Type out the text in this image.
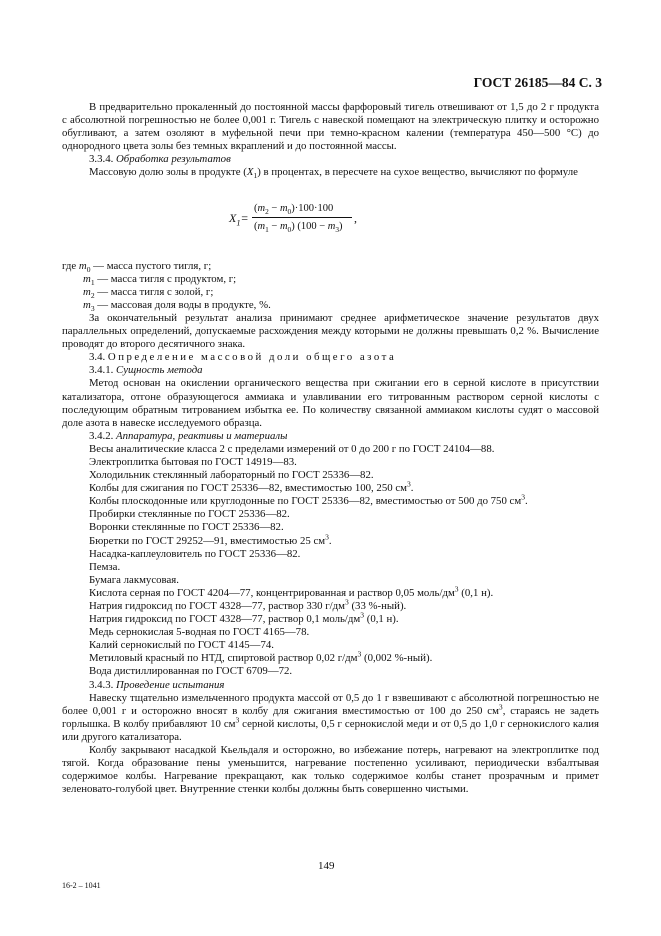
ГОСТ 26185—84 С. 3

В предварительно прокаленный до постоянной массы фарфоровый тигель отвешивают от 1,5 до 2 г продукта с абсолютной погрешностью не более 0,001 г. Тигель с навеской помещают на электрическую плитку и осторожно обугливают, а затем озоляют в муфельной печи при темно-красном калении (температура 450—500 °С) до однородного цвета золы без темных вкраплений и до постоянной массы.

3.3.4. Обработка результатов

Массовую долю золы в продукте $(X_1)$ в процентах, в пересчете на сухое вещество, вычисляют по формуле

$X_1=$
$(m_2 - m_0)\cdot 100\cdot 100$
$(m_1 - m_0) (100 - m_3)$
,
где $m_0$ — масса пустого тигля, г;
$m_1$ — масса тигля с продуктом, г;
$m_2$ — масса тигля с золой, г;
$m_3$ — массовая доля воды в продукте, %.

За окончательный результат анализа принимают среднее арифметическое значение результатов двух параллельных определений, допускаемые расхождения между которыми не должны превышать 0,2 %. Вычисление проводят до второго десятичного знака.

3.4. Определение массовой доли общего азота

3.4.1. Сущность метода

Метод основан на окислении органического вещества при сжигании его в серной кислоте в присутствии катализатора, отгоне образующегося аммиака и улавливании его титрованным раствором серной кислоты с последующим обратным титрованием избытка ее. По количеству связанной аммиаком кислоты судят о массовой доле азота в навеске исследуемого образца.

3.4.2. Аппаратура, реактивы и материалы

Весы аналитические класса 2 с пределами измерений от 0 до 200 г по ГОСТ 24104—88.

Электроплитка бытовая по ГОСТ 14919—83.

Холодильник стеклянный лабораторный по ГОСТ 25336—82.

Колбы для сжигания по ГОСТ 25336—82, вместимостью 100, 250 $см^3$.

Колбы плоскодонные или круглодонные по ГОСТ 25336—82, вместимостью от 500 до 750 $см^3$.

Пробирки стеклянные по ГОСТ 25336—82.

Воронки стеклянные по ГОСТ 25336—82.

Бюретки по ГОСТ 29252—91, вместимостью 25 $см^3$.

Насадка-каплеуловитель по ГОСТ 25336—82.

Пемза.

Бумага лакмусовая.

Кислота серная по ГОСТ 4204—77, концентрированная и раствор 0,05 моль/$дм^3$ (0,1 н).

Натрия гидроксид по ГОСТ 4328—77, раствор 330 $г/дм^3$ (33 %-ный).

Натрия гидроксид по ГОСТ 4328—77, раствор 0,1 моль/$дм^3$ (0,1 н).

Медь сернокислая 5-водная по ГОСТ 4165—78.

Калий сернокислый по ГОСТ 4145—74.

Метиловый красный по НТД, спиртовой раствор 0,02 $г/дм^3$ (0,002 %-ный).

Вода дистиллированная по ГОСТ 6709—72.

3.4.3. Проведение испытания

Навеску тщательно измельченного продукта массой от 0,5 до 1 г взвешивают с абсолютной погрешностью не более 0,001 г и осторожно вносят в колбу для сжигания вместимостью от 100 до 250 $см^3$, стараясь не задеть горлышка. В колбу прибавляют 10 $см^3$ серной кислоты, 0,5 г сернокислой меди и от 0,5 до 1,0 г сернокислого калия или другого катализатора.

Колбу закрывают насадкой Кьельдаля и осторожно, во избежание потерь, нагревают на электроплитке под тягой. Когда образование пены уменьшится, нагревание постепенно усиливают, периодически взбалтывая содержимое колбы. Нагревание прекращают, как только содержимое колбы станет прозрачным и примет зеленовато-голубой цвет. Внутренние стенки колбы должны быть совершенно чистыми.

149
16-2 – 1041
